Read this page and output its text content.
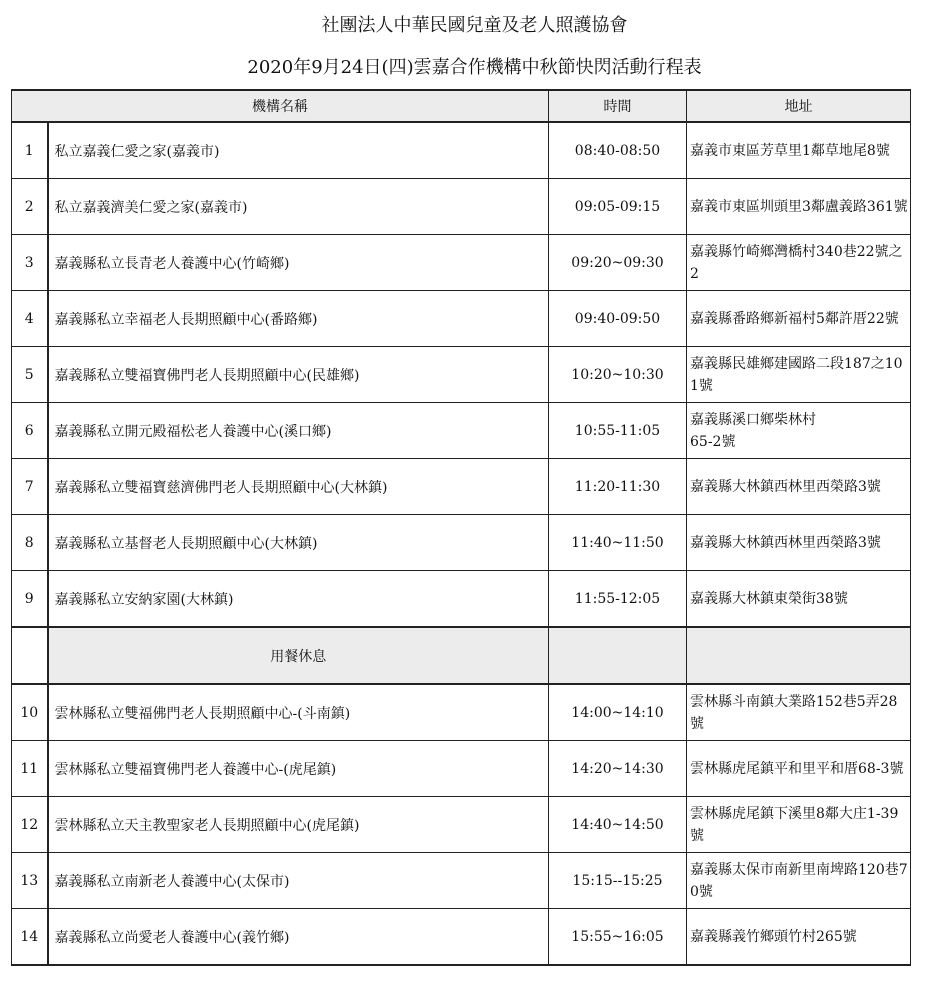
社團法人中華民國兒童及老人照護協會
2020年9月24日(四)雲嘉合作機構中秋節快閃活動行程表
機構名稱		時間	地址
1	私立嘉義仁愛之家(嘉義市)	08:40-08:50	嘉義市東區芳草里1鄰草地尾8號
2	私立嘉義濟美仁愛之家(嘉義市)	09:05-09:15	嘉義市東區圳頭里3鄰盧義路361號
3	嘉義縣私立長青老人養護中心(竹崎鄉)	09:20~09:30	嘉義縣竹崎鄉灣橋村340巷22號之2
4	嘉義縣私立幸福老人長期照顧中心(番路鄉)	09:40-09:50	嘉義縣番路鄉新福村5鄰許厝22號
5	嘉義縣私立雙福寶佛門老人長期照顧中心(民雄鄉)	10:20~10:30	嘉義縣民雄鄉建國路二段187之101號
6	嘉義縣私立開元殿福松老人養護中心(溪口鄉)	10:55-11:05	嘉義縣溪口鄉柴林村
65-2號
7	嘉義縣私立雙福寶慈濟佛門老人長期照顧中心(大林鎮)	11:20-11:30	嘉義縣大林鎮西林里西榮路3號
8	嘉義縣私立基督老人長期照顧中心(大林鎮)	11:40~11:50	嘉義縣大林鎮西林里西榮路3號
9	嘉義縣私立安納家園(大林鎮)	11:55-12:05	嘉義縣大林鎮東榮街38號
	用餐休息		
10	雲林縣私立雙福佛門老人長期照顧中心-(斗南鎮)	14:00~14:10	雲林縣斗南鎮大業路152巷5弄28號
11	雲林縣私立雙福寶佛門老人養護中心-(虎尾鎮)	14:20~14:30	雲林縣虎尾鎮平和里平和厝68-3號
12	雲林縣私立天主教聖家老人長期照顧中心(虎尾鎮)	14:40~14:50	雲林縣虎尾鎮下溪里8鄰大庄1-39號
13	嘉義縣私立南新老人養護中心(太保市)	15:15--15:25	嘉義縣太保市南新里南埤路120巷70號
14	嘉義縣私立尚愛老人養護中心(義竹鄉)	15:55~16:05	嘉義縣義竹鄉頭竹村265號
